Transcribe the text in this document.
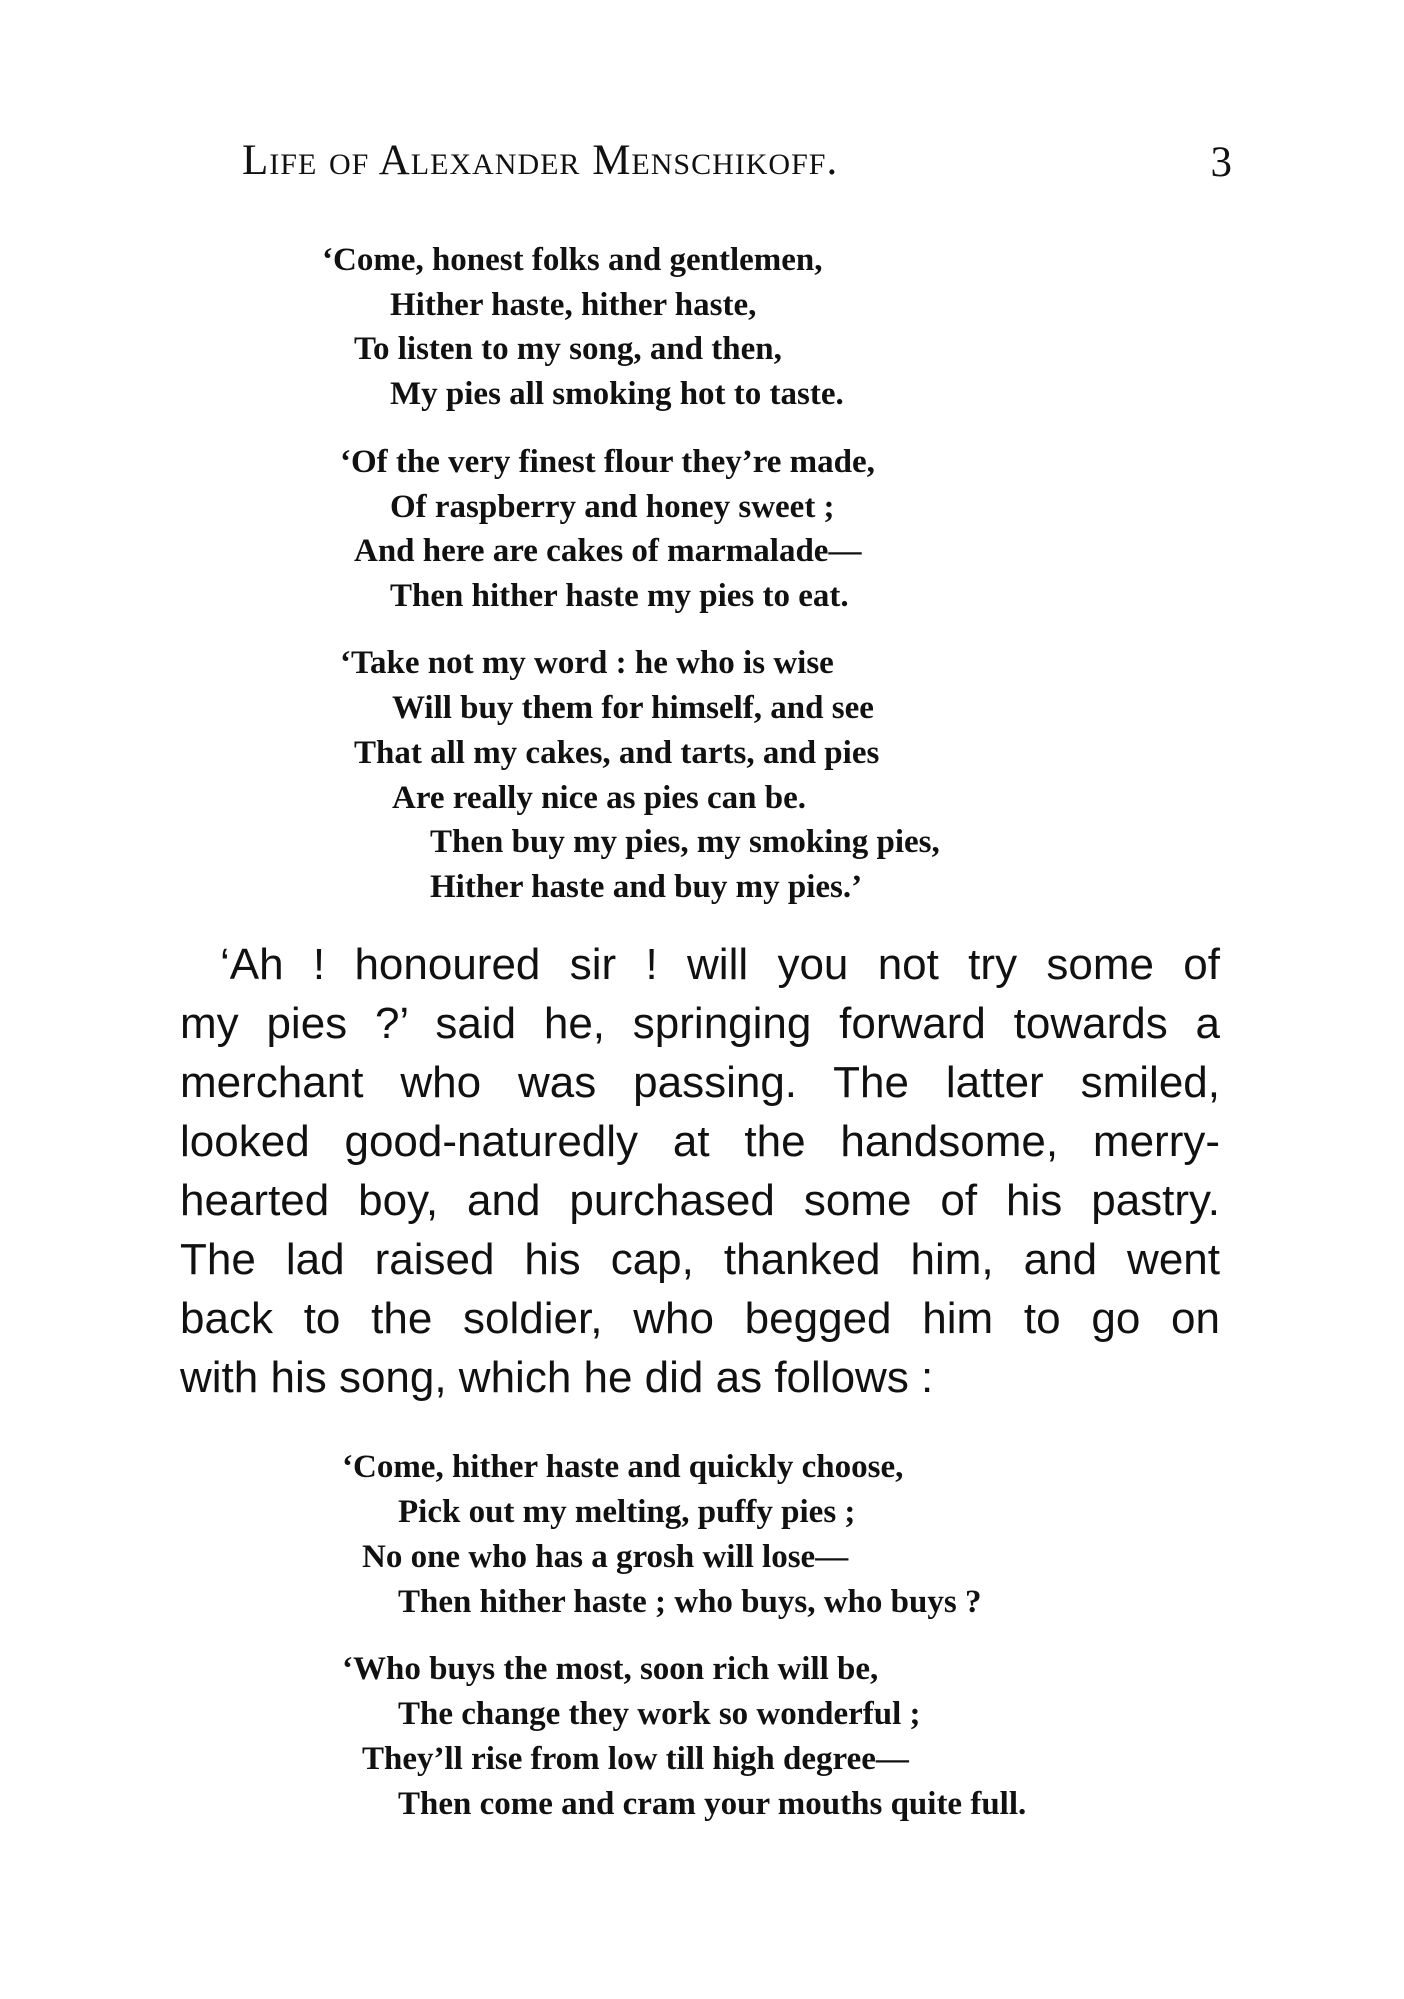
Life of Alexander Menschikoff.	3
‘Come, honest folks and gentlemen,
Hither haste, hither haste,
To listen to my song, and then,
My pies all smoking hot to taste.
‘Of the very finest flour they’re made,
Of raspberry and honey sweet ;
And here are cakes of marmalade—
Then hither haste my pies to eat.
‘Take not my word : he who is wise
Will buy them for himself, and see
That all my cakes, and tarts, and pies
Are really nice as pies can be.
Then buy my pies, my smoking pies,
Hither haste and buy my pies.’
‘Ah ! honoured sir ! will you not try some of
my pies ?’ said he, springing forward towards a
merchant who was passing. The latter smiled,
looked good-naturedly at the handsome, merry-
hearted boy, and purchased some of his pastry.
The lad raised his cap, thanked him, and went
back to the soldier, who begged him to go on
with his song, which he did as follows :
‘Come, hither haste and quickly choose,
Pick out my melting, puffy pies ;
No one who has a grosh will lose—
Then hither haste ; who buys, who buys ?
‘Who buys the most, soon rich will be,
The change they work so wonderful ;
They’ll rise from low till high degree—
Then come and cram your mouths quite full.
